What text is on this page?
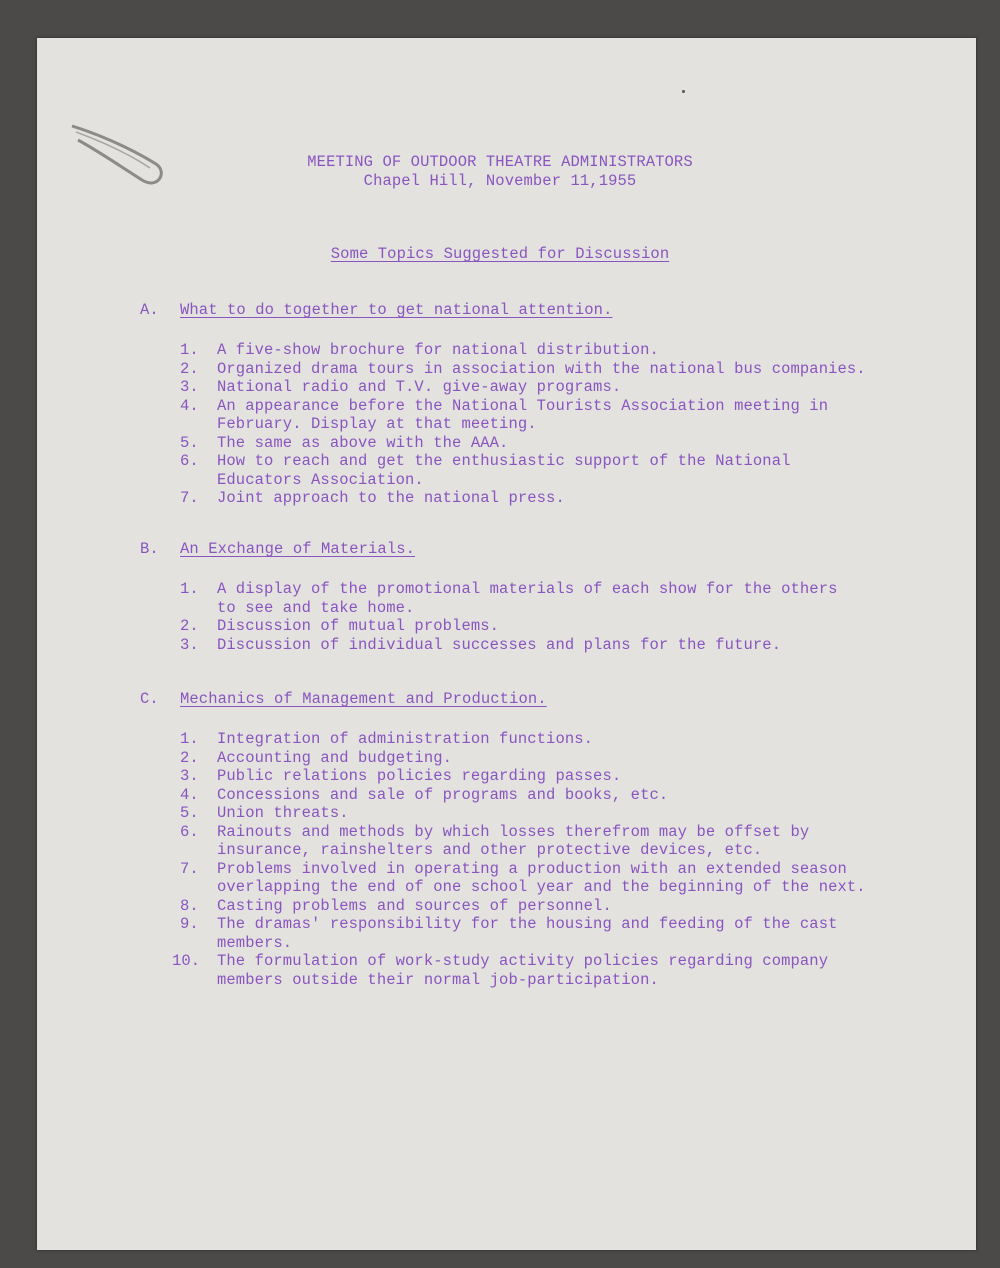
MEETING OF OUTDOOR THEATRE ADMINISTRATORS
Chapel Hill, November 11,1955
Some Topics Suggested for Discussion
A. What to do together to get national attention.
1. A five-show brochure for national distribution.
2. Organized drama tours in association with the national bus companies.
3. National radio and T.V. give-away programs.
4. An appearance before the National Tourists Association meeting in
February. Display at that meeting.
5. The same as above with the AAA.
6. How to reach and get the enthusiastic support of the National
Educators Association.
7. Joint approach to the national press.
B. An Exchange of Materials.
1. A display of the promotional materials of each show for the others
to see and take home.
2. Discussion of mutual problems.
3. Discussion of individual successes and plans for the future.
C. Mechanics of Management and Production.
1. Integration of administration functions.
2. Accounting and budgeting.
3. Public relations policies regarding passes.
4. Concessions and sale of programs and books, etc.
5. Union threats.
6. Rainouts and methods by which losses therefrom may be offset by
insurance, rainshelters and other protective devices, etc.
7. Problems involved in operating a production with an extended season
overlapping the end of one school year and the beginning of the next.
8. Casting problems and sources of personnel.
9. The dramas' responsibility for the housing and feeding of the cast
members.
10. The formulation of work-study activity policies regarding company
members outside their normal job-participation.
